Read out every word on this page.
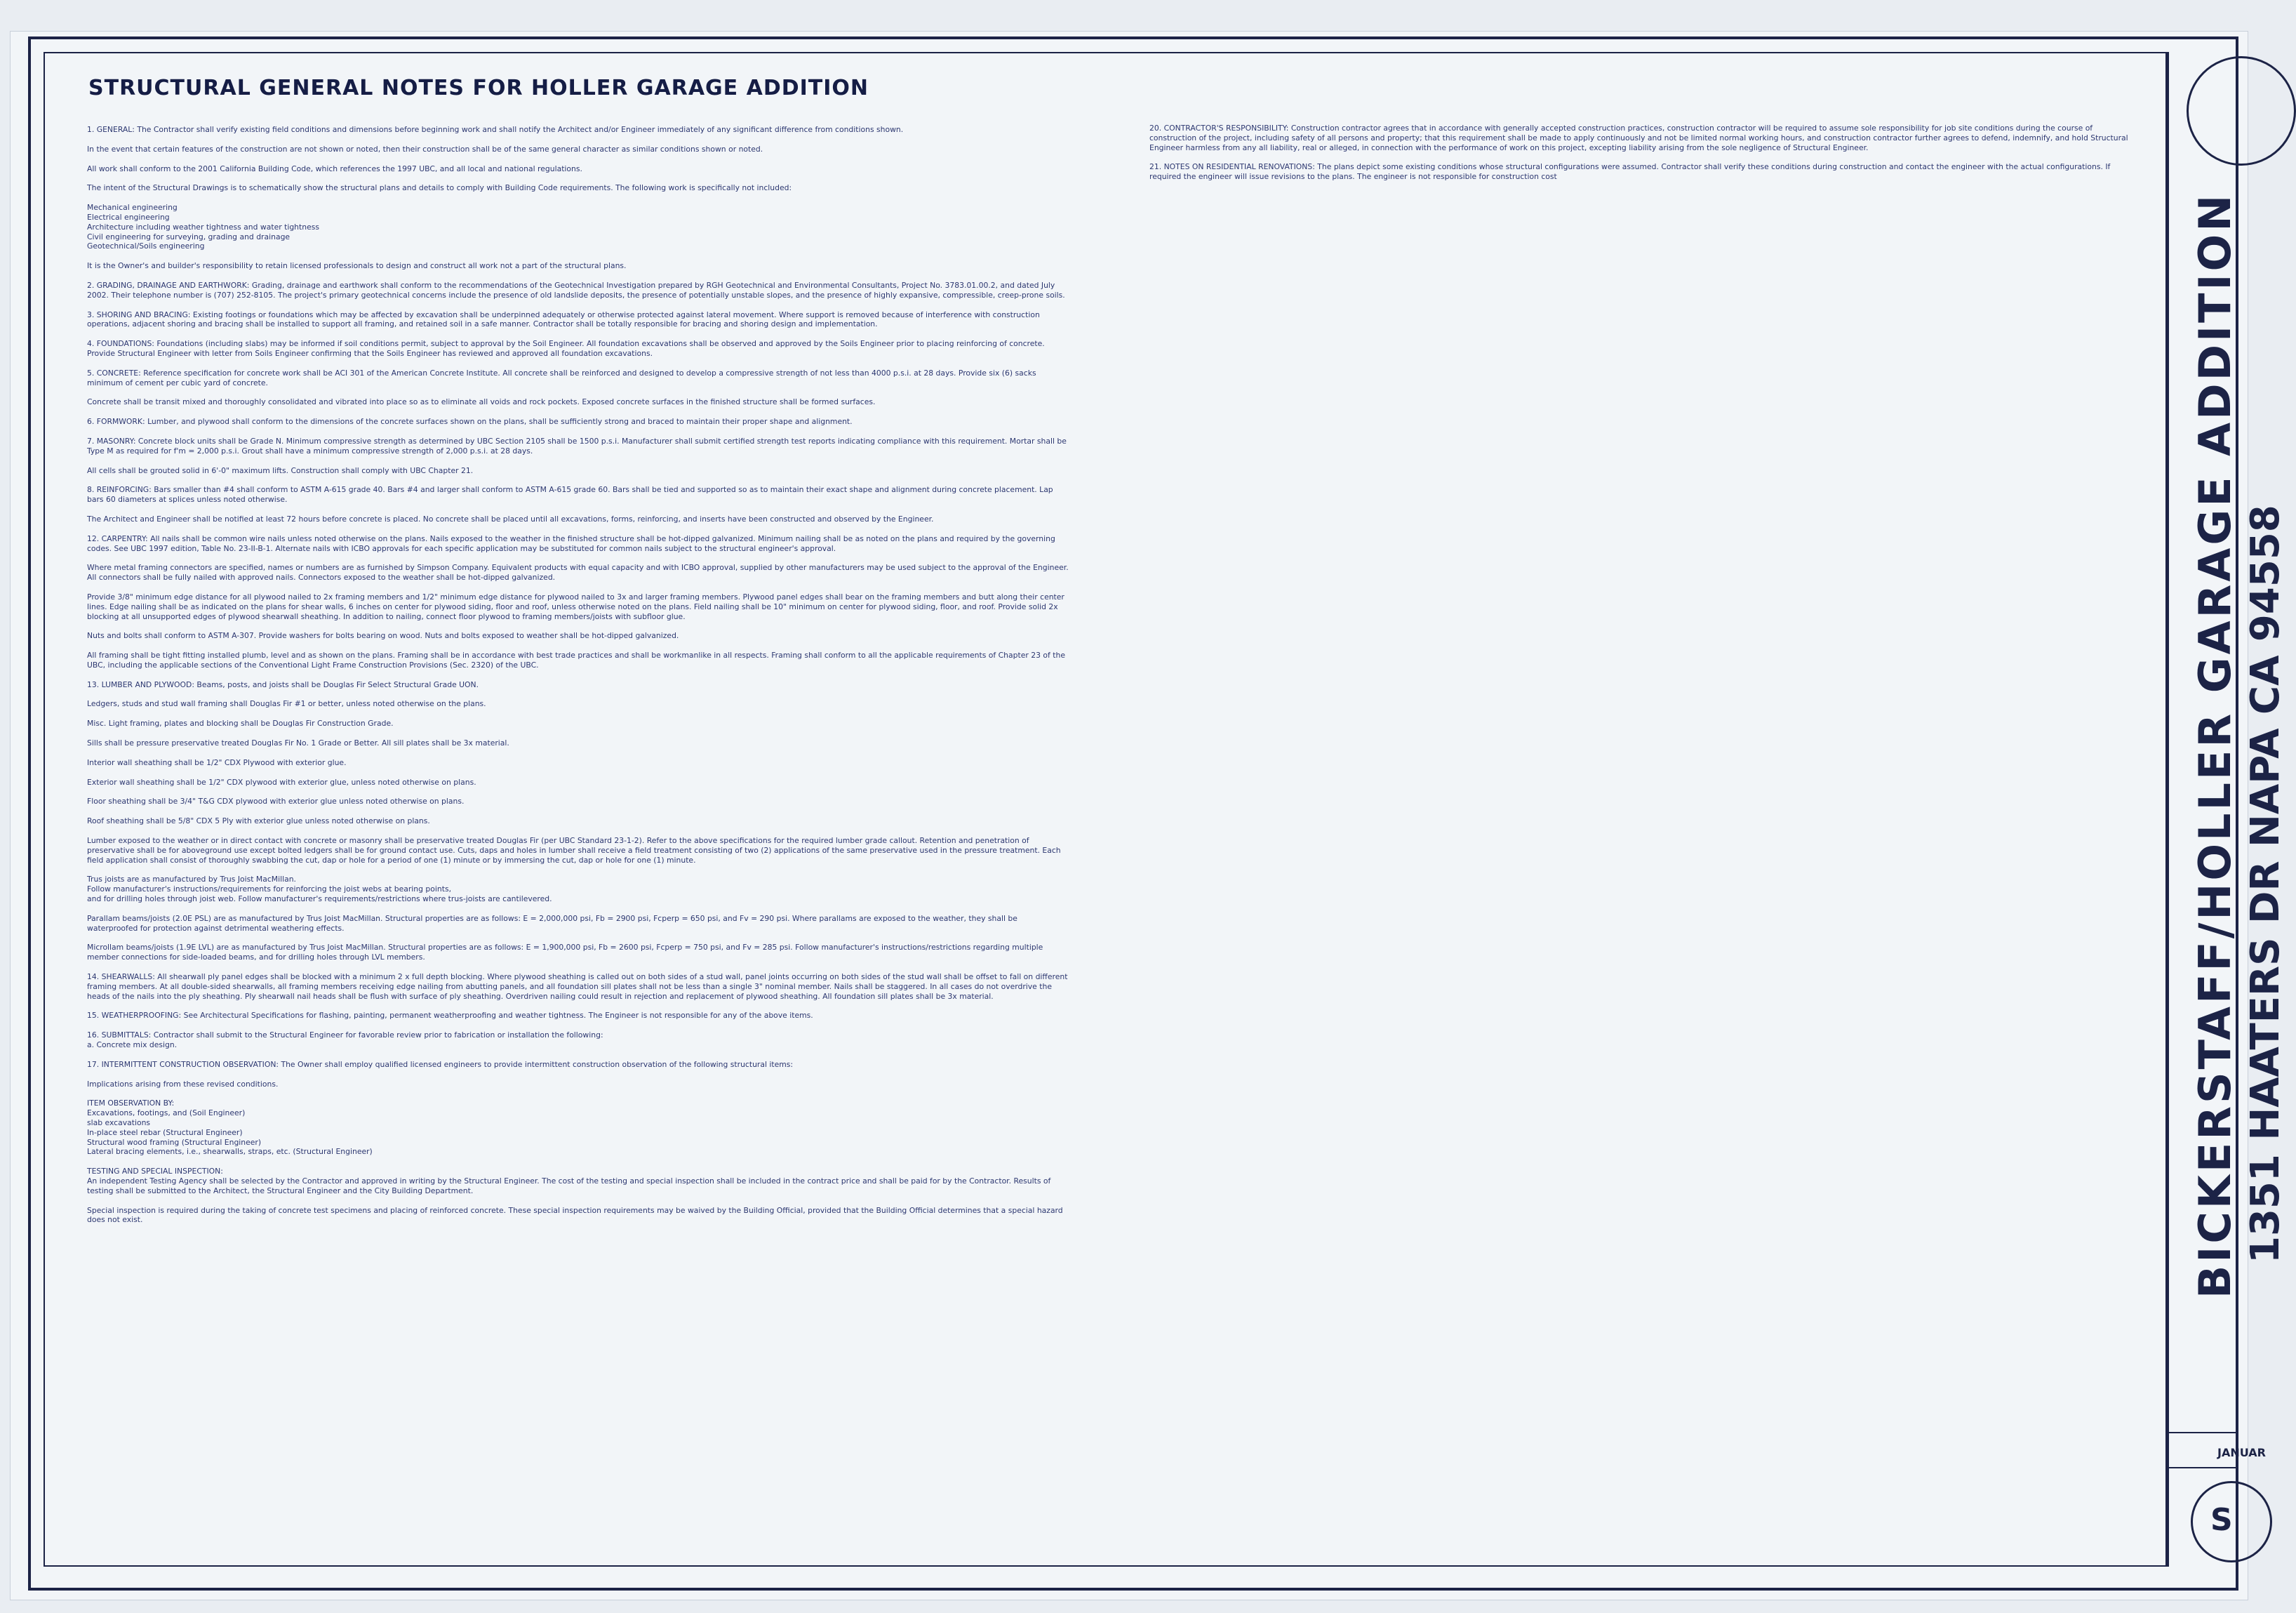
BICKERSTAFF/HOLLER GARAGE ADDITION 1351 HAATERS DR NAPA CA 94558
JANUAR
S
STRUCTURAL GENERAL NOTES FOR HOLLER GARAGE ADDITION
1. GENERAL: The Contractor shall verify existing field conditions and dimensions before beginning work and shall notify the Architect and/or Engineer immediately of any significant difference from conditions shown.
In the event that certain features of the construction are not shown or noted, then their construction shall be of the same general character as similar conditions shown or noted.
All work shall conform to the 2001 California Building Code, which references the 1997 UBC, and all local and national regulations.
The intent of the Structural Drawings is to schematically show the structural plans and details to comply with Building Code requirements. The following work is specifically not included:
Mechanical engineering
Electrical engineering
Architecture including weather tightness and water tightness
Civil engineering for surveying, grading and drainage
Geotechnical/Soils engineering
It is the Owner's and builder's responsibility to retain licensed professionals to design and construct all work not a part of the structural plans.
2. GRADING, DRAINAGE AND EARTHWORK: Grading, drainage and earthwork shall conform to the recommendations of the Geotechnical Investigation prepared by RGH Geotechnical and Environmental Consultants, Project No. 3783.01.00.2, and dated July 2002. Their telephone number is (707) 252-8105. The project's primary geotechnical concerns include the presence of old landslide deposits, the presence of potentially unstable slopes, and the presence of highly expansive, compressible, creep-prone soils.
3. SHORING AND BRACING: Existing footings or foundations which may be affected by excavation shall be underpinned adequately or otherwise protected against lateral movement. Where support is removed because of interference with construction operations, adjacent shoring and bracing shall be installed to support all framing, and retained soil in a safe manner. Contractor shall be totally responsible for bracing and shoring design and implementation.
4. FOUNDATIONS: Foundations (including slabs) may be informed if soil conditions permit, subject to approval by the Soil Engineer. All foundation excavations shall be observed and approved by the Soils Engineer prior to placing reinforcing of concrete. Provide Structural Engineer with letter from Soils Engineer confirming that the Soils Engineer has reviewed and approved all foundation excavations.
5. CONCRETE: Reference specification for concrete work shall be ACI 301 of the American Concrete Institute. All concrete shall be reinforced and designed to develop a compressive strength of not less than 4000 p.s.i. at 28 days. Provide six (6) sacks minimum of cement per cubic yard of concrete.
Concrete shall be transit mixed and thoroughly consolidated and vibrated into place so as to eliminate all voids and rock pockets. Exposed concrete surfaces in the finished structure shall be formed surfaces.
6. FORMWORK: Lumber, and plywood shall conform to the dimensions of the concrete surfaces shown on the plans, shall be sufficiently strong and braced to maintain their proper shape and alignment.
7. MASONRY: Concrete block units shall be Grade N. Minimum compressive strength as determined by UBC Section 2105 shall be 1500 p.s.i. Manufacturer shall submit certified strength test reports indicating compliance with this requirement. Mortar shall be Type M as required for f'm = 2,000 p.s.i. Grout shall have a minimum compressive strength of 2,000 p.s.i. at 28 days.
All cells shall be grouted solid in 6'-0" maximum lifts. Construction shall comply with UBC Chapter 21.
8. REINFORCING: Bars smaller than #4 shall conform to ASTM A-615 grade 40. Bars #4 and larger shall conform to ASTM A-615 grade 60. Bars shall be tied and supported so as to maintain their exact shape and alignment during concrete placement. Lap bars 60 diameters at splices unless noted otherwise.
The Architect and Engineer shall be notified at least 72 hours before concrete is placed. No concrete shall be placed until all excavations, forms, reinforcing, and inserts have been constructed and observed by the Engineer.
12. CARPENTRY: All nails shall be common wire nails unless noted otherwise on the plans. Nails exposed to the weather in the finished structure shall be hot-dipped galvanized. Minimum nailing shall be as noted on the plans and required by the governing codes. See UBC 1997 edition, Table No. 23-II-B-1. Alternate nails with ICBO approvals for each specific application may be substituted for common nails subject to the structural engineer's approval.
Where metal framing connectors are specified, names or numbers are as furnished by Simpson Company. Equivalent products with equal capacity and with ICBO approval, supplied by other manufacturers may be used subject to the approval of the Engineer. All connectors shall be fully nailed with approved nails. Connectors exposed to the weather shall be hot-dipped galvanized.
Provide 3/8" minimum edge distance for all plywood nailed to 2x framing members and 1/2" minimum edge distance for plywood nailed to 3x and larger framing members. Plywood panel edges shall bear on the framing members and butt along their center lines. Edge nailing shall be as indicated on the plans for shear walls, 6 inches on center for plywood siding, floor and roof, unless otherwise noted on the plans. Field nailing shall be 10" minimum on center for plywood siding, floor, and roof. Provide solid 2x blocking at all unsupported edges of plywood shearwall sheathing. In addition to nailing, connect floor plywood to framing members/joists with subfloor glue.
Nuts and bolts shall conform to ASTM A-307. Provide washers for bolts bearing on wood. Nuts and bolts exposed to weather shall be hot-dipped galvanized.
All framing shall be tight fitting installed plumb, level and as shown on the plans. Framing shall be in accordance with best trade practices and shall be workmanlike in all respects. Framing shall conform to all the applicable requirements of Chapter 23 of the UBC, including the applicable sections of the Conventional Light Frame Construction Provisions (Sec. 2320) of the UBC.
13. LUMBER AND PLYWOOD: Beams, posts, and joists shall be Douglas Fir Select Structural Grade UON.
Ledgers, studs and stud wall framing shall Douglas Fir #1 or better, unless noted otherwise on the plans.
Misc. Light framing, plates and blocking shall be Douglas Fir Construction Grade.
Sills shall be pressure preservative treated Douglas Fir No. 1 Grade or Better. All sill plates shall be 3x material.
Interior wall sheathing shall be 1/2" CDX Plywood with exterior glue.
Exterior wall sheathing shall be 1/2" CDX plywood with exterior glue, unless noted otherwise on plans.
Floor sheathing shall be 3/4" T&G CDX plywood with exterior glue unless noted otherwise on plans.
Roof sheathing shall be 5/8" CDX 5 Ply with exterior glue unless noted otherwise on plans.
Lumber exposed to the weather or in direct contact with concrete or masonry shall be preservative treated Douglas Fir (per UBC Standard 23-1-2). Refer to the above specifications for the required lumber grade callout. Retention and penetration of preservative shall be for aboveground use except bolted ledgers shall be for ground contact use. Cuts, daps and holes in lumber shall receive a field treatment consisting of two (2) applications of the same preservative used in the pressure treatment. Each field application shall consist of thoroughly swabbing the cut, dap or hole for a period of one (1) minute or by immersing the cut, dap or hole for one (1) minute.
Trus joists are as manufactured by Trus Joist MacMillan.
Follow manufacturer's instructions/requirements for reinforcing the joist webs at bearing points,
and for drilling holes through joist web. Follow manufacturer's requirements/restrictions where trus-joists are cantilevered.
Parallam beams/joists (2.0E PSL) are as manufactured by Trus Joist MacMillan. Structural properties are as follows: E = 2,000,000 psi, Fb = 2900 psi, Fcperp = 650 psi, and Fv = 290 psi. Where parallams are exposed to the weather, they shall be waterproofed for protection against detrimental weathering effects.
Microllam beams/joists (1.9E LVL) are as manufactured by Trus Joist MacMillan. Structural properties are as follows: E = 1,900,000 psi, Fb = 2600 psi, Fcperp = 750 psi, and Fv = 285 psi. Follow manufacturer's instructions/restrictions regarding multiple member connections for side-loaded beams, and for drilling holes through LVL members.
14. SHEARWALLS: All shearwall ply panel edges shall be blocked with a minimum 2 x full depth blocking. Where plywood sheathing is called out on both sides of a stud wall, panel joints occurring on both sides of the stud wall shall be offset to fall on different framing members. At all double-sided shearwalls, all framing members receiving edge nailing from abutting panels, and all foundation sill plates shall not be less than a single 3" nominal member. Nails shall be staggered. In all cases do not overdrive the heads of the nails into the ply sheathing. Ply shearwall nail heads shall be flush with surface of ply sheathing. Overdriven nailing could result in rejection and replacement of plywood sheathing. All foundation sill plates shall be 3x material.
15. WEATHERPROOFING: See Architectural Specifications for flashing, painting, permanent weatherproofing and weather tightness. The Engineer is not responsible for any of the above items.
16. SUBMITTALS: Contractor shall submit to the Structural Engineer for favorable review prior to fabrication or installation the following:
a. Concrete mix design.
17. INTERMITTENT CONSTRUCTION OBSERVATION: The Owner shall employ qualified licensed engineers to provide intermittent construction observation of the following structural items:
Implications arising from these revised conditions.
ITEM OBSERVATION BY:
Excavations, footings, and (Soil Engineer)
slab excavations
In-place steel rebar (Structural Engineer)
Structural wood framing (Structural Engineer)
Lateral bracing elements, i.e., shearwalls, straps, etc. (Structural Engineer)
TESTING AND SPECIAL INSPECTION:
An independent Testing Agency shall be selected by the Contractor and approved in writing by the Structural Engineer. The cost of the testing and special inspection shall be included in the contract price and shall be paid for by the Contractor. Results of testing shall be submitted to the Architect, the Structural Engineer and the City Building Department.
Special inspection is required during the taking of concrete test specimens and placing of reinforced concrete. These special inspection requirements may be waived by the Building Official, provided that the Building Official determines that a special hazard does not exist.
20. CONTRACTOR'S RESPONSIBILITY: Construction contractor agrees that in accordance with generally accepted construction practices, construction contractor will be required to assume sole responsibility for job site conditions during the course of construction of the project, including safety of all persons and property; that this requirement shall be made to apply continuously and not be limited normal working hours, and construction contractor further agrees to defend, indemnify, and hold Structural Engineer harmless from any all liability, real or alleged, in connection with the performance of work on this project, excepting liability arising from the sole negligence of Structural Engineer.
21. NOTES ON RESIDENTIAL RENOVATIONS: The plans depict some existing conditions whose structural configurations were assumed. Contractor shall verify these conditions during construction and contact the engineer with the actual configurations. If required the engineer will issue revisions to the plans. The engineer is not responsible for construction cost
